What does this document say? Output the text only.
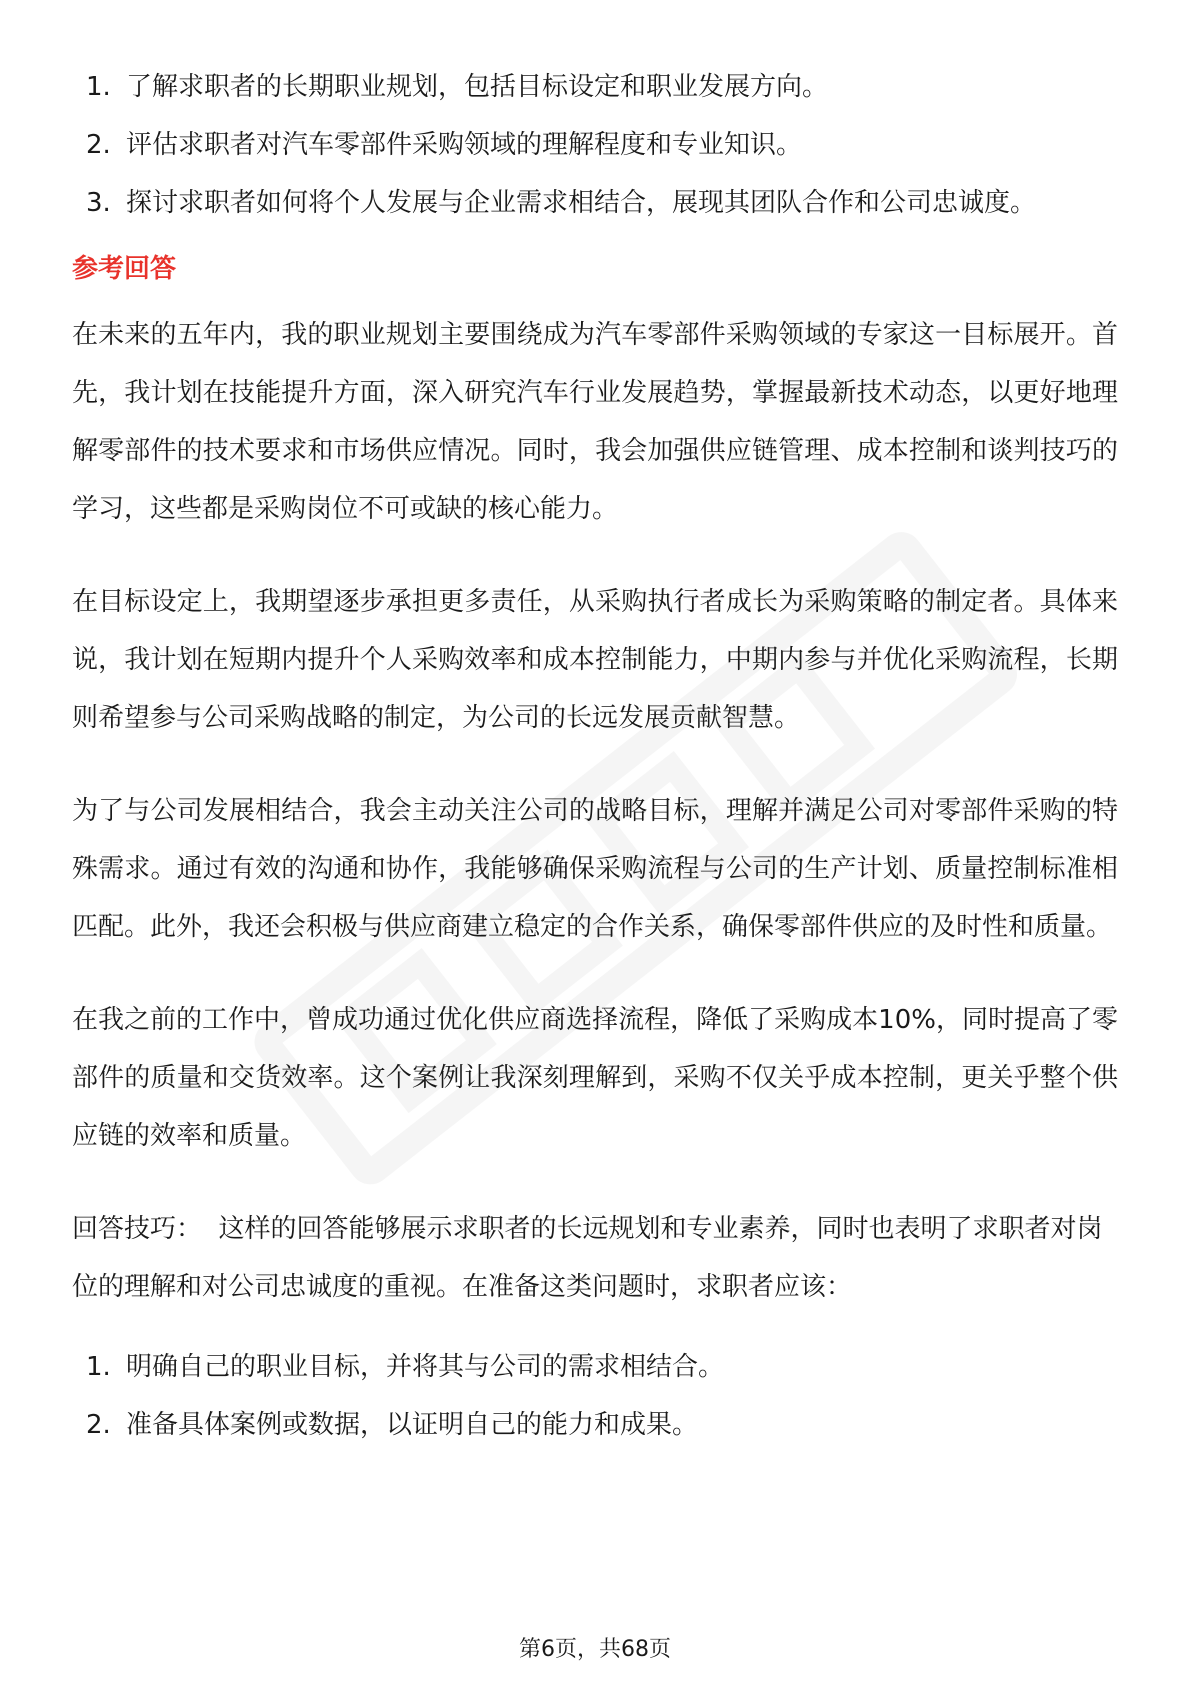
1. 了解求职者的长期职业规划，包括目标设定和职业发展方向。
2. 评估求职者对汽车零部件采购领域的理解程度和专业知识。
3. 探讨求职者如何将个人发展与企业需求相结合，展现其团队合作和公司忠诚度。
参考回答

在未来的五年内，我的职业规划主要围绕成为汽车零部件采购领域的专家这一目标展开。首先，我计划在技能提升方面，深入研究汽车行业发展趋势，掌握最新技术动态，以更好地理解零部件的技术要求和市场供应情况。同时，我会加强供应链管理、成本控制和谈判技巧的学习，这些都是采购岗位不可或缺的核心能力。

在目标设定上，我期望逐步承担更多责任，从采购执行者成长为采购策略的制定者。具体来说，我计划在短期内提升个人采购效率和成本控制能力，中期内参与并优化采购流程，长期则希望参与公司采购战略的制定，为公司的长远发展贡献智慧。

为了与公司发展相结合，我会主动关注公司的战略目标，理解并满足公司对零部件采购的特殊需求。通过有效的沟通和协作，我能够确保采购流程与公司的生产计划、质量控制标准相匹配。此外，我还会积极与供应商建立稳定的合作关系，确保零部件供应的及时性和质量。

在我之前的工作中，曾成功通过优化供应商选择流程，降低了采购成本10%，同时提高了零部件的质量和交货效率。这个案例让我深刻理解到，采购不仅关乎成本控制，更关乎整个供应链的效率和质量。

回答技巧： 这样的回答能够展示求职者的长远规划和专业素养，同时也表明了求职者对岗位的理解和对公司忠诚度的重视。在准备这类问题时，求职者应该：

1. 明确自己的职业目标，并将其与公司的需求相结合。
2. 准备具体案例或数据，以证明自己的能力和成果。
第6页，共68页
